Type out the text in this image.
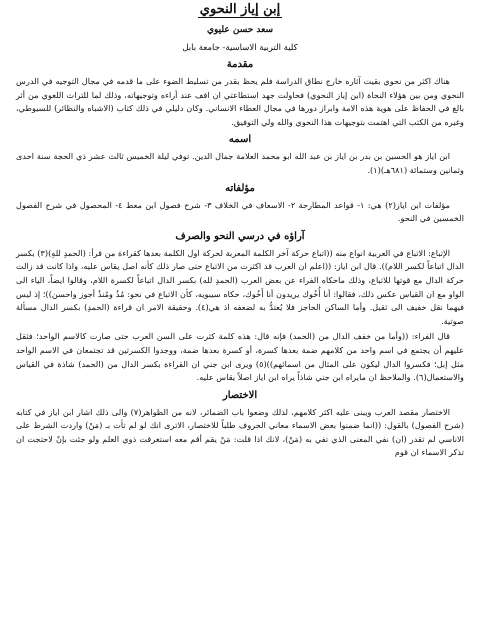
إبن إياز النحوي
سعد حسن عليوي
كلية التربية الاساسية- جامعة بابل
مقدمة

هناك اكثر من نحوي بقيت آثاره خارج نطاق الدراسة فلم يحظ بقدر من تسليط الضوء على ما قدمه في مجال التوجيه في الدرس النحوي ومن بين هؤلاء النحاة (ابن إياز النحوي) فحاولت جهد استطاعتي ان اقف عند أراءه وتوجيهاته، وذلك لما للتراث اللغوي من أثر بالغ في الحفاظ على هوية هذه الامة وابراز دورها في مجال العطاء الانساني. وكان دليلي في ذلك كتاب (الاشباه والنظائر) للسيوطي، وغيره من الكتب التي اهتمت بتوجيهات هذا النحوي والله ولي التوفيق.

اسمه

ابن اياز هو الحسين بن بدر بن اياز بن عبد الله ابو محمد العلامة جمال الدين. توفي ليلة الخميس ثالث عشر ذي الحجة سنة احدى وثمانين وستمائة (٦٨١هـ)(١).

مؤلفاته

مؤلفات ابن اياز(٢) هي: ١- قواعد المطارحة ٢- الاسعاف في الخلاف ٣- شرح فصول ابن معط ٤- المحصول في شرح الفصول الخمسين في النحو.

آراؤه في درسي النحو والصرف

الإتباع: الاتباع في العربية انواع منه ((اتباع حركة آخر الكلمة المعربة لحركة اول الكلمة بعدها كقراءة من قرأ: (الحمدِ للهِ)(٣) بكسر الدال اتباعاً لكسر اللام)). قال ابن اياز: ((اعلم ان العرب قد اكثرت من الاتباع حتى صار ذلك كأنه اصل يقاس عليه، واذا كانت قد زالت حركة الدال مع قوتها للاتباع، وذلك ماحكاه الفراء عن بعض العرب (الحمدِ لله) بكسر الدال اتباعاً لكسرة اللام، وقالوا ايضاً، الياء الى الواو مع ان القياس عكس ذلك، فقالوا: أنا أُخُوك يريدون أنا أَخُوك، حكاه سيبويه، كأن الاتباع في نحو: مُذُ ومُنذُ أجوز واحسن))؛ إذ ليس فيهما نقل خفيف الى ثقيل. وأما الساكن الحاجز فلا يُعتدُّ به لضعفه اذ هي(٤). وحقيقة الامر ان قراءة (الحمدِ) بكسر الدال مسألة صوتية.

قال الفراء: ((وأما من خفف الدال من (الحمد) فإنه قال: هذه كلمة كثرت على السن العرب حتى صارت كالاسم الواحد؛ فثقل عليهم أن يجتمع في اسم واحد من كلامهم ضمة بعدها كسرة، أو كسرة بعدها ضمة، ووجدوا الكسرتين قد تجتمعان في الاسم الواحد مثل إبل؛ فكسروا الدال ليكون على المثال من اسمائهم))(٥) ويرى ابن جني ان القراءة بكسر الدال من (الحمد) شاذة في القياس والاستعمال(٦). والملاحظ ان مايراه ابن جني شاذاً يراه ابن اياز اصلاً يقاس عليه.

الاختصار

الاختصار مقصد العرب ويبنى عليه اكثر كلامهم، لذلك وضعوا باب الضمائر، لانه من الظواهر(٧) والى ذلك اشار ابن اياز في كتابه (شرح الفصول) بالقول: ((انما ضمنوا بعض الاسماء معاني الحروف طلباً للاختصار، الاترى انك لو لم تأت بـ (مَنْ) واردت الشرط على الاناسي لم تقدر (ان) نفي المعنى الذي تفي به (مَنْ)، لانك اذا قلت: مَنْ يقم أقم معه استغرقت ذوي العلم ولو جئت بإنْ لاحتجت ان تذكر الاسماء ان قوم
